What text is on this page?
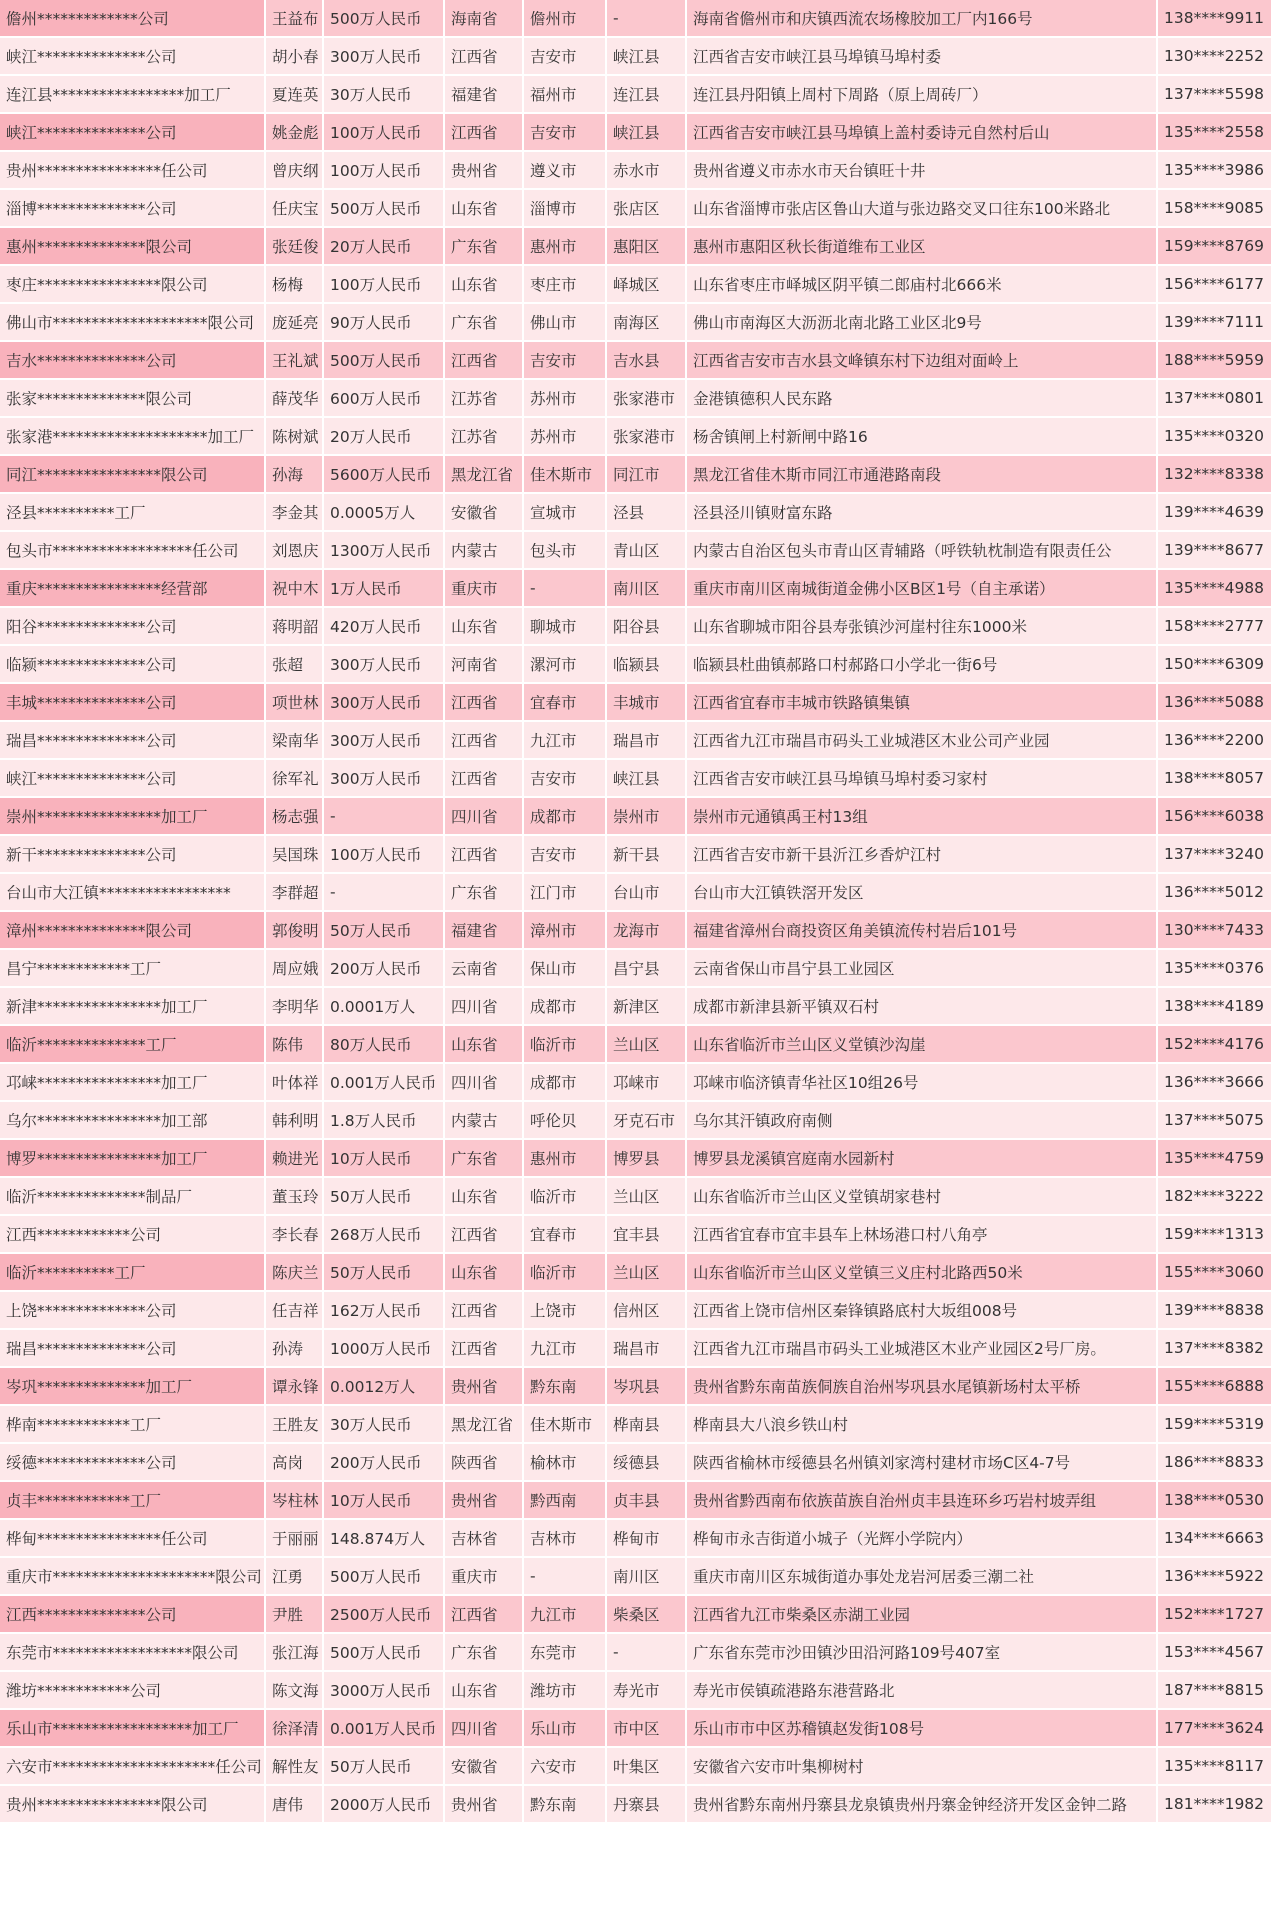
儋州*************公司	王益布	500万人民币	海南省	儋州市	-	海南省儋州市和庆镇西流农场橡胶加工厂内166号	138****9911
峡江**************公司	胡小春	300万人民币	江西省	吉安市	峡江县	江西省吉安市峡江县马埠镇马埠村委	130****2252
连江县*****************加工厂	夏连英	30万人民币	福建省	福州市	连江县	连江县丹阳镇上周村下周路（原上周砖厂）	137****5598
峡江**************公司	姚金彪	100万人民币	江西省	吉安市	峡江县	江西省吉安市峡江县马埠镇上盖村委诗元自然村后山	135****2558
贵州****************任公司	曾庆纲	100万人民币	贵州省	遵义市	赤水市	贵州省遵义市赤水市天台镇旺十井	135****3986
淄博**************公司	任庆宝	500万人民币	山东省	淄博市	张店区	山东省淄博市张店区鲁山大道与张边路交叉口往东100米路北	158****9085
惠州**************限公司	张廷俊	20万人民币	广东省	惠州市	惠阳区	惠州市惠阳区秋长街道维布工业区	159****8769
枣庄****************限公司	杨梅	100万人民币	山东省	枣庄市	峄城区	山东省枣庄市峄城区阴平镇二郎庙村北666米	156****6177
佛山市********************限公司	庞延亮	90万人民币	广东省	佛山市	南海区	佛山市南海区大沥沥北南北路工业区北9号	139****7111
吉水**************公司	王礼斌	500万人民币	江西省	吉安市	吉水县	江西省吉安市吉水县文峰镇东村下边组对面岭上	188****5959
张家**************限公司	薛茂华	600万人民币	江苏省	苏州市	张家港市	金港镇德积人民东路	137****0801
张家港********************加工厂	陈树斌	20万人民币	江苏省	苏州市	张家港市	杨舍镇闸上村新闸中路16	135****0320
同江****************限公司	孙海	5600万人民币	黑龙江省	佳木斯市	同江市	黑龙江省佳木斯市同江市通港路南段	132****8338
泾县**********工厂	李金其	0.0005万人	安徽省	宣城市	泾县	泾县泾川镇财富东路	139****4639
包头市******************任公司	刘恩庆	1300万人民币	内蒙古	包头市	青山区	内蒙古自治区包头市青山区青辅路（呼铁轨枕制造有限责任公	139****8677
重庆****************经营部	祝中木	1万人民币	重庆市	-	南川区	重庆市南川区南城街道金佛小区B区1号（自主承诺）	135****4988
阳谷**************公司	蒋明韶	420万人民币	山东省	聊城市	阳谷县	山东省聊城市阳谷县寿张镇沙河崖村往东1000米	158****2777
临颍**************公司	张超	300万人民币	河南省	漯河市	临颍县	临颍县杜曲镇郝路口村郝路口小学北一街6号	150****6309
丰城**************公司	项世林	300万人民币	江西省	宜春市	丰城市	江西省宜春市丰城市铁路镇集镇	136****5088
瑞昌**************公司	梁南华	300万人民币	江西省	九江市	瑞昌市	江西省九江市瑞昌市码头工业城港区木业公司产业园	136****2200
峡江**************公司	徐军礼	300万人民币	江西省	吉安市	峡江县	江西省吉安市峡江县马埠镇马埠村委习家村	138****8057
崇州****************加工厂	杨志强	-	四川省	成都市	崇州市	崇州市元通镇禹王村13组	156****6038
新干**************公司	吴国珠	100万人民币	江西省	吉安市	新干县	江西省吉安市新干县沂江乡香炉江村	137****3240
台山市大江镇*****************	李群超	-	广东省	江门市	台山市	台山市大江镇铁滘开发区	136****5012
漳州**************限公司	郭俊明	50万人民币	福建省	漳州市	龙海市	福建省漳州台商投资区角美镇流传村岩后101号	130****7433
昌宁************工厂	周应娥	200万人民币	云南省	保山市	昌宁县	云南省保山市昌宁县工业园区	135****0376
新津****************加工厂	李明华	0.0001万人	四川省	成都市	新津区	成都市新津县新平镇双石村	138****4189
临沂**************工厂	陈伟	80万人民币	山东省	临沂市	兰山区	山东省临沂市兰山区义堂镇沙沟崖	152****4176
邛崃****************加工厂	叶体祥	0.001万人民币	四川省	成都市	邛崃市	邛崃市临济镇青华社区10组26号	136****3666
乌尔****************加工部	韩利明	1.8万人民币	内蒙古	呼伦贝	牙克石市	乌尔其汗镇政府南侧	137****5075
博罗****************加工厂	赖进光	10万人民币	广东省	惠州市	博罗县	博罗县龙溪镇宫庭南水园新村	135****4759
临沂**************制品厂	董玉玲	50万人民币	山东省	临沂市	兰山区	山东省临沂市兰山区义堂镇胡家巷村	182****3222
江西************公司	李长春	268万人民币	江西省	宜春市	宜丰县	江西省宜春市宜丰县车上林场港口村八角亭	159****1313
临沂**********工厂	陈庆兰	50万人民币	山东省	临沂市	兰山区	山东省临沂市兰山区义堂镇三义庄村北路西50米	155****3060
上饶**************公司	任吉祥	162万人民币	江西省	上饶市	信州区	江西省上饶市信州区秦锋镇路底村大坂组008号	139****8838
瑞昌**************公司	孙涛	1000万人民币	江西省	九江市	瑞昌市	江西省九江市瑞昌市码头工业城港区木业产业园区2号厂房。	137****8382
岑巩**************加工厂	谭永锋	0.0012万人	贵州省	黔东南	岑巩县	贵州省黔东南苗族侗族自治州岑巩县水尾镇新场村太平桥	155****6888
桦南************工厂	王胜友	30万人民币	黑龙江省	佳木斯市	桦南县	桦南县大八浪乡铁山村	159****5319
绥德**************公司	高岗	200万人民币	陕西省	榆林市	绥德县	陕西省榆林市绥德县名州镇刘家湾村建材市场C区4-7号	186****8833
贞丰************工厂	岑柱林	10万人民币	贵州省	黔西南	贞丰县	贵州省黔西南布依族苗族自治州贞丰县连环乡巧岩村坡弄组	138****0530
桦甸****************任公司	于丽丽	148.874万人	吉林省	吉林市	桦甸市	桦甸市永吉街道小城子（光辉小学院内）	134****6663
重庆市*********************限公司	江勇	500万人民币	重庆市	-	南川区	重庆市南川区东城街道办事处龙岩河居委三潮二社	136****5922
江西**************公司	尹胜	2500万人民币	江西省	九江市	柴桑区	江西省九江市柴桑区赤湖工业园	152****1727
东莞市******************限公司	张江海	500万人民币	广东省	东莞市	-	广东省东莞市沙田镇沙田沿河路109号407室	153****4567
潍坊************公司	陈文海	3000万人民币	山东省	潍坊市	寿光市	寿光市侯镇疏港路东港营路北	187****8815
乐山市******************加工厂	徐泽清	0.001万人民币	四川省	乐山市	市中区	乐山市市中区苏稽镇赵发街108号	177****3624
六安市*********************任公司	解性友	50万人民币	安徽省	六安市	叶集区	安徽省六安市叶集柳树村	135****8117
贵州****************限公司	唐伟	2000万人民币	贵州省	黔东南	丹寨县	贵州省黔东南州丹寨县龙泉镇贵州丹寨金钟经济开发区金钟二路	181****1982
